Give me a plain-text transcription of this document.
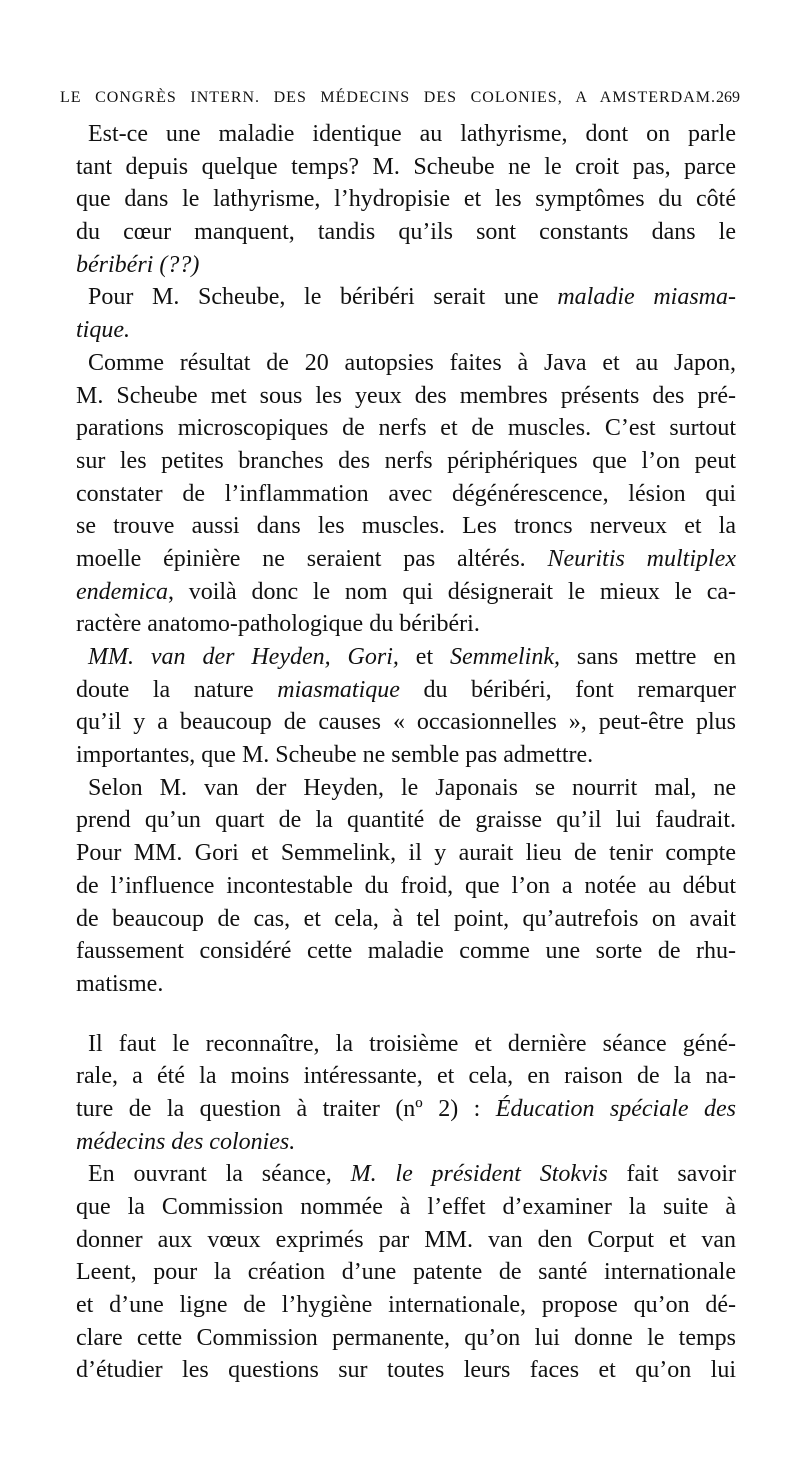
LE CONGRÈS INTERN. DES MÉDECINS DES COLONIES, A AMSTERDAM. 269
Est-ce une maladie identique au lathyrisme, dont on parle
tant depuis quelque temps? M. Scheube ne le croit pas, parce
que dans le lathyrisme, l’hydropisie et les symptômes du côté
du cœur manquent, tandis qu’ils sont constants dans le
béribéri (??)
Pour M. Scheube, le béribéri serait une maladie miasma-
tique.
Comme résultat de 20 autopsies faites à Java et au Japon,
M. Scheube met sous les yeux des membres présents des pré-
parations microscopiques de nerfs et de muscles. C’est surtout
sur les petites branches des nerfs périphériques que l’on peut
constater de l’inflammation avec dégénérescence, lésion qui
se trouve aussi dans les muscles. Les troncs nerveux et la
moelle épinière ne seraient pas altérés. Neuritis multiplex
endemica, voilà donc le nom qui désignerait le mieux le ca-
ractère anatomo-pathologique du béribéri.
MM. van der Heyden, Gori, et Semmelink, sans mettre en
doute la nature miasmatique du béribéri, font remarquer
qu’il y a beaucoup de causes « occasionnelles », peut-être plus
importantes, que M. Scheube ne semble pas admettre.
Selon M. van der Heyden, le Japonais se nourrit mal, ne
prend qu’un quart de la quantité de graisse qu’il lui faudrait.
Pour MM. Gori et Semmelink, il y aurait lieu de tenir compte
de l’influence incontestable du froid, que l’on a notée au début
de beaucoup de cas, et cela, à tel point, qu’autrefois on avait
faussement considéré cette maladie comme une sorte de rhu-
matisme.
Il faut le reconnaître, la troisième et dernière séance géné-
rale, a été la moins intéressante, et cela, en raison de la na-
ture de la question à traiter (nº 2) : Éducation spéciale des
médecins des colonies.
En ouvrant la séance, M. le président Stokvis fait savoir
que la Commission nommée à l’effet d’examiner la suite à
donner aux vœux exprimés par MM. van den Corput et van
Leent, pour la création d’une patente de santé internationale
et d’une ligne de l’hygiène internationale, propose qu’on dé-
clare cette Commission permanente, qu’on lui donne le temps
d’étudier les questions sur toutes leurs faces et qu’on lui
